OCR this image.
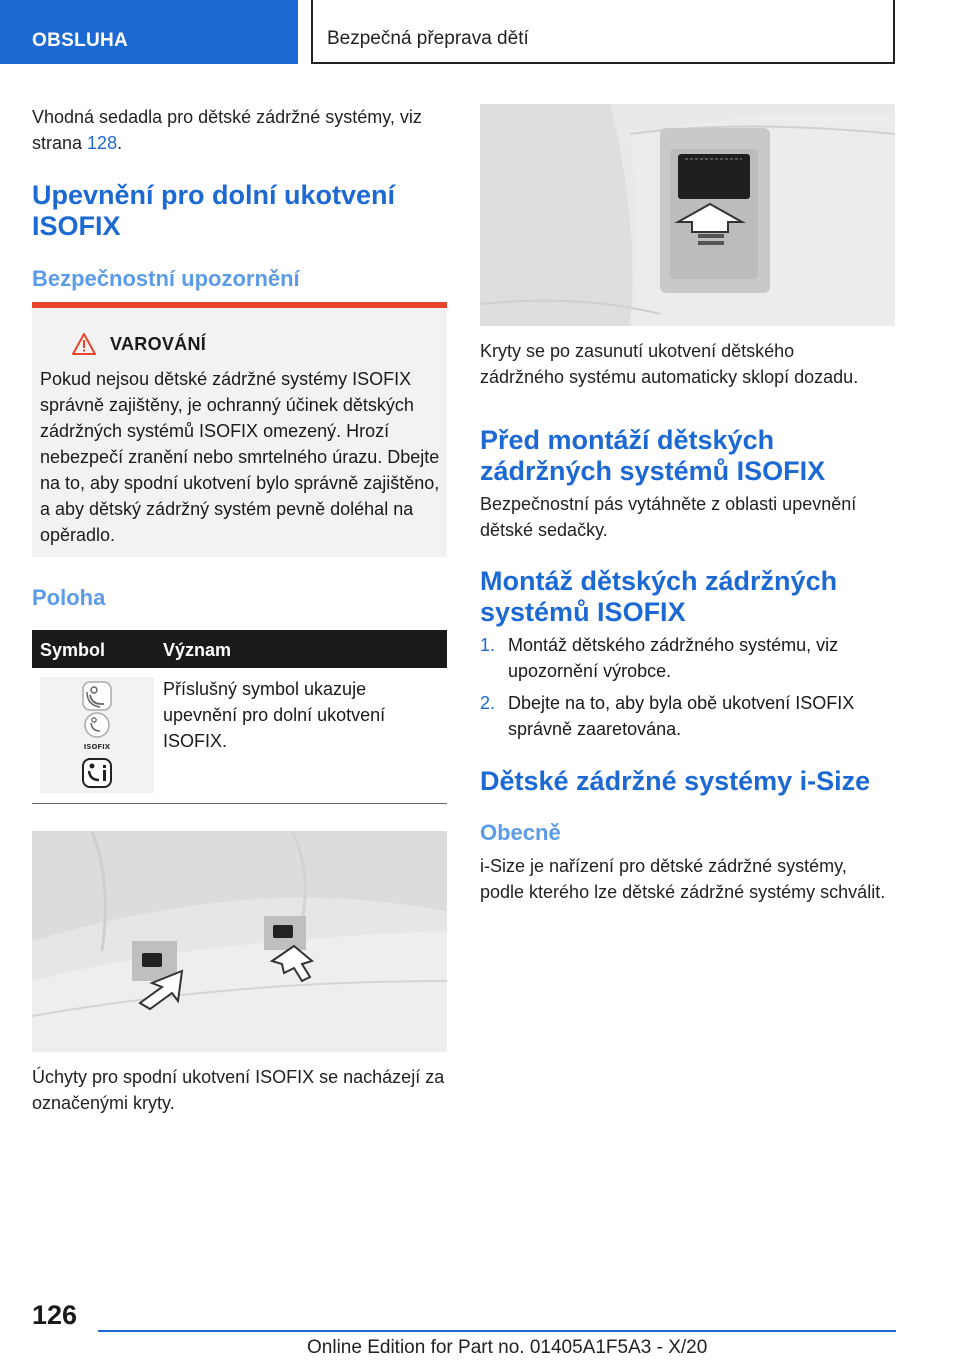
OBSLUHA	Bezpečná přeprava dětí
Vhodná sedadla pro dětské zádržné systémy, viz strana 128.
Upevnění pro dolní ukotvení ISOFIX
Bezpečnostní upozornění
VAROVÁNÍ
Pokud nejsou dětské zádržné systémy ISOFIX správně zajištěny, je ochranný účinek dětských zádržných systémů ISOFIX omezený. Hrozí nebezpečí zranění nebo smrtelného úrazu. Dbejte na to, aby spodní ukotvení bylo správně zajištěno, a aby dětský zádržný systém pevně doléhal na opěradlo.
Poloha
Symbol	Význam
ISOFIX
Příslušný symbol ukazuje upevnění pro dolní ukotvení ISOFIX.
Úchyty pro spodní ukotvení ISOFIX se nacházejí za označenými kryty.
Kryty se po zasunutí ukotvení dětského zádržného systému automaticky sklopí dozadu.
Před montáží dětských zádržných systémů ISOFIX
Bezpečnostní pás vytáhněte z oblasti upevnění dětské sedačky.
Montáž dětských zádržných systémů ISOFIX
1. Montáž dětského zádržného systému, viz upozornění výrobce.
2. Dbejte na to, aby byla obě ukotvení ISOFIX správně zaaretována.
Dětské zádržné systémy i-Size
Obecně
i-Size je nařízení pro dětské zádržné systémy, podle kterého lze dětské zádržné systémy schválit.
126
Online Edition for Part no. 01405A1F5A3 - X/20
